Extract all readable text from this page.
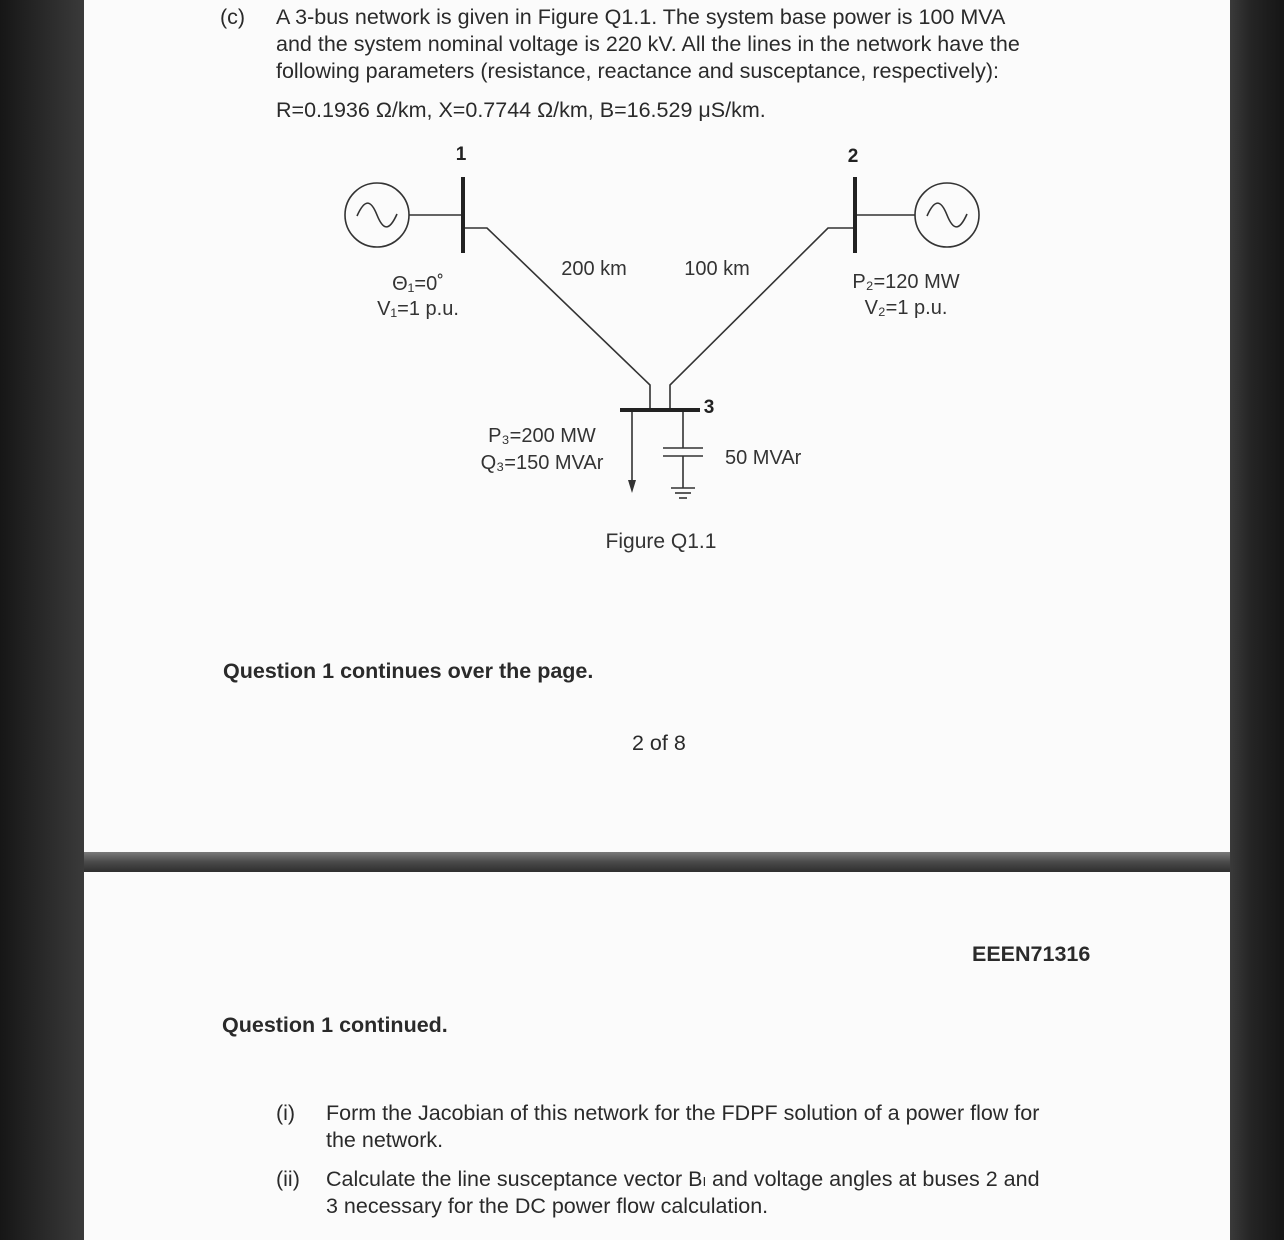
(c) A 3-bus network is given in Figure Q1.1. The system base power is 100 MVA
and the system nominal voltage is 220 kV. All the lines in the network have the
following parameters (resistance, reactance and susceptance, respectively):
R=0.1936 Ω/km, X=0.7744 Ω/km, B=16.529 μS/km.
1	2
3
Θ₁=0˚
V₁=1 p.u.
P₂=120 MW
V₂=1 p.u.
200 km	100 km
P₃=200 MW
Q₃=150 MVAr	50 MVAr
Figure Q1.1
Question 1 continues over the page.
2 of 8
EEEN71316
Question 1 continued.
(i) Form the Jacobian of this network for the FDPF solution of a power flow for
the network.
(ii) Calculate the line susceptance vector Bₗ and voltage angles at buses 2 and
3 necessary for the DC power flow calculation.
